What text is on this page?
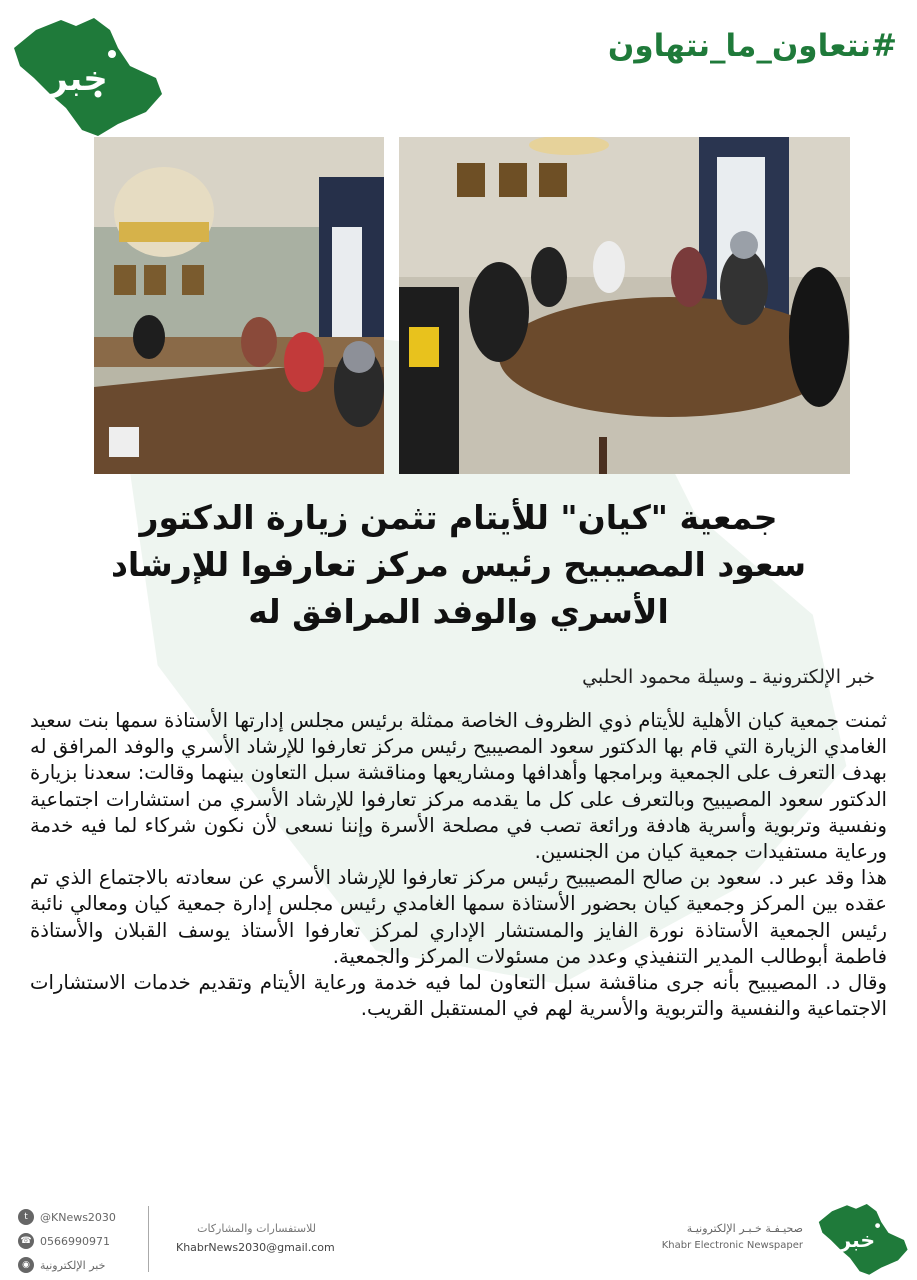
خبر
#نتعاون_ما_نتهاون
جمعية "كيان" للأيتام تثمن زيارة الدكتور
سعود المصيبيح رئيس مركز تعارفوا للإرشاد
الأسري والوفد المرافق له
خبر الإلكترونية ـ وسيلة محمود الحلبي

ثمنت جمعية كيان الأهلية للأيتام ذوي الظروف الخاصة ممثلة برئيس مجلس إدارتها الأستاذة سمها بنت سعيد الغامدي الزيارة التي قام بها الدكتور سعود المصيبيح رئيس مركز تعارفوا للإرشاد الأسري والوفد المرافق له بهدف التعرف على الجمعية وبرامجها وأهدافها ومشاريعها ومناقشة سبل التعاون بينهما وقالت: سعدنا بزيارة الدكتور سعود المصيبيح وبالتعرف على كل ما يقدمه مركز تعارفوا للإرشاد الأسري من استشارات اجتماعية ونفسية وتربوية وأسرية هادفة ورائعة تصب في مصلحة الأسرة وإننا نسعى لأن نكون شركاء لما فيه خدمة ورعاية مستفيدات جمعية كيان من الجنسين.

هذا وقد عبر د. سعود بن صالح المصيبيح رئيس مركز تعارفوا للإرشاد الأسري عن سعادته بالاجتماع الذي تم عقده بين المركز وجمعية كيان بحضور الأستاذة سمها الغامدي رئيس مجلس إدارة جمعية كيان ومعالي نائبة رئيس الجمعية الأستاذة نورة الفايز والمستشار الإداري لمركز تعارفوا الأستاذ يوسف القبلان والأستاذة فاطمة أبوطالب المدير التنفيذي وعدد من مسئولات المركز والجمعية.

وقال د. المصيبيح بأنه جرى مناقشة سبل التعاون لما فيه خدمة ورعاية الأيتام وتقديم خدمات الاستشارات الاجتماعية والنفسية والتربوية والأسرية لهم في المستقبل القريب.

t	@KNews2030
☎ 0566990971
◉ خبر الإلكترونية
للاستفسارات والمشاركات
KhabrNews2030@gmail.com
صحيـفـة خـبـر الإلكترونيـة
Khabr Electronic Newspaper خبر
